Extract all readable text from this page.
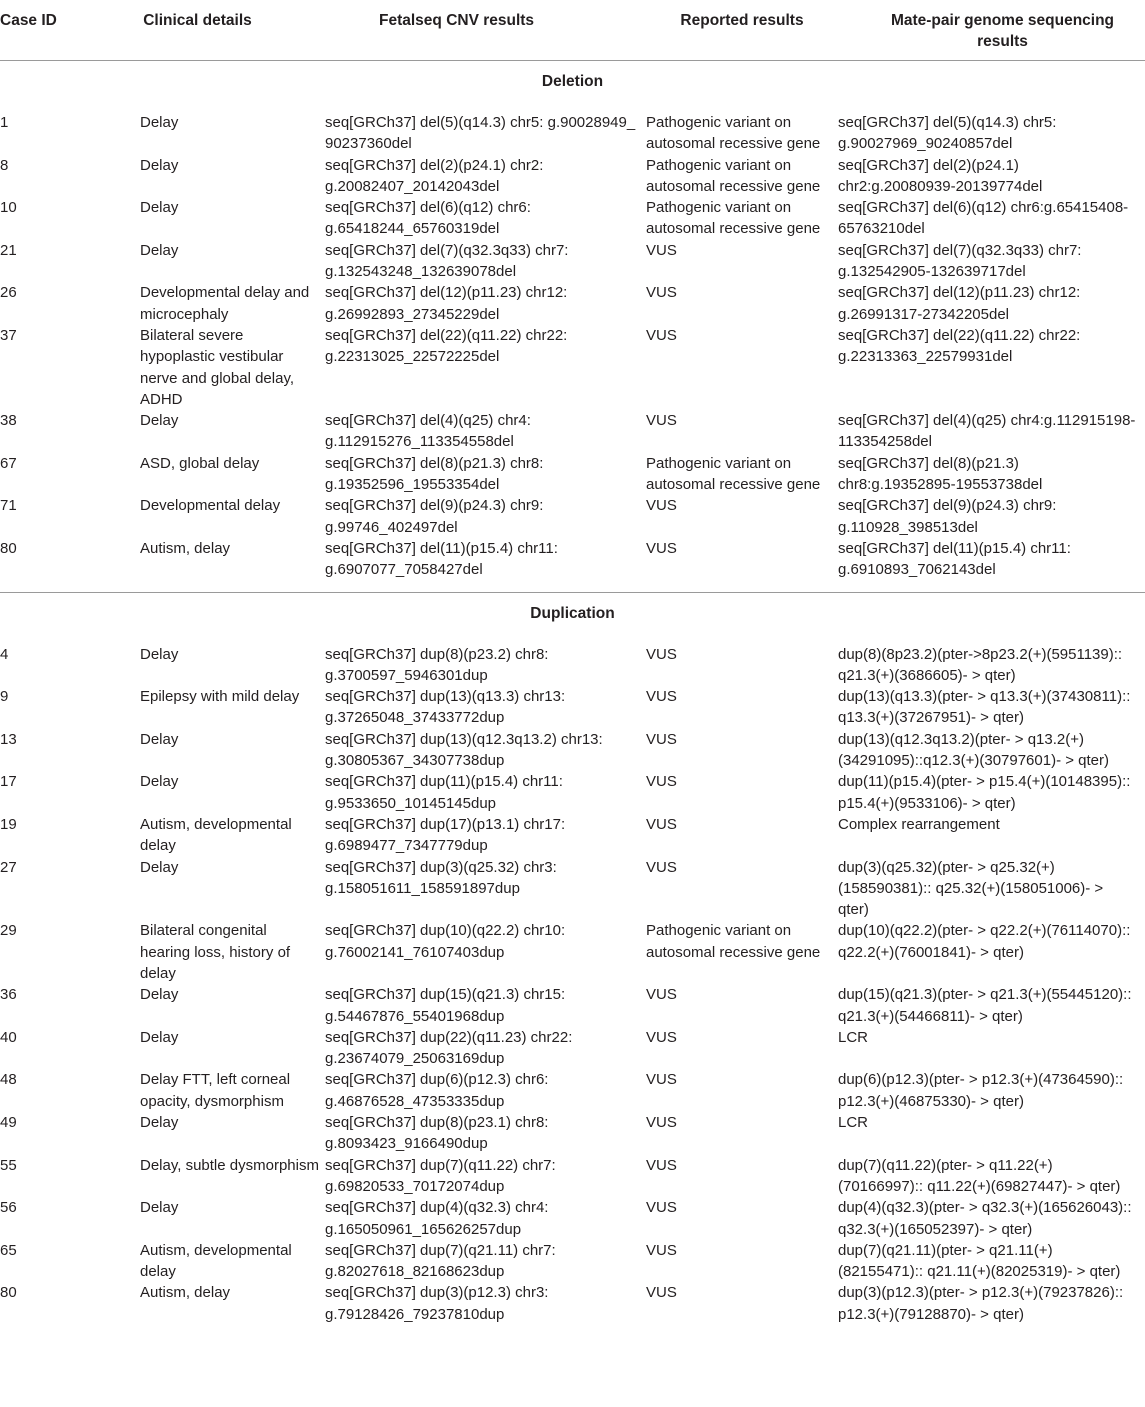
Case ID	Clinical details	Fetalseq CNV results	Reported results	Mate-pair genome sequencing results
Deletion				
1	Delay	seq[GRCh37] del(5)(q14.3) chr5: g.90028949_ 90237360del	Pathogenic variant on autosomal recessive gene	seq[GRCh37] del(5)(q14.3) chr5: g.90027969_90240857del
8	Delay	seq[GRCh37] del(2)(p24.1) chr2: g.20082407_20142043del	Pathogenic variant on autosomal recessive gene	seq[GRCh37] del(2)(p24.1) chr2:g.20080939-20139774del
10	Delay	seq[GRCh37] del(6)(q12) chr6: g.65418244_65760319del	Pathogenic variant on autosomal recessive gene	seq[GRCh37] del(6)(q12) chr6:g.65415408-65763210del
21	Delay	seq[GRCh37] del(7)(q32.3q33) chr7: g.132543248_132639078del	VUS	seq[GRCh37] del(7)(q32.3q33) chr7: g.132542905-132639717del
26	Developmental delay and microcephaly	seq[GRCh37] del(12)(p11.23) chr12: g.26992893_27345229del	VUS	seq[GRCh37] del(12)(p11.23) chr12: g.26991317-27342205del
37	Bilateral severe hypoplastic vestibular nerve and global delay, ADHD	seq[GRCh37] del(22)(q11.22) chr22: g.22313025_22572225del	VUS	seq[GRCh37] del(22)(q11.22) chr22: g.22313363_22579931del
38	Delay	seq[GRCh37] del(4)(q25) chr4: g.112915276_113354558del	VUS	seq[GRCh37] del(4)(q25) chr4:g.112915198-113354258del
67	ASD, global delay	seq[GRCh37] del(8)(p21.3) chr8: g.19352596_19553354del	Pathogenic variant on autosomal recessive gene	seq[GRCh37] del(8)(p21.3) chr8:g.19352895-19553738del
71	Developmental delay	seq[GRCh37] del(9)(p24.3) chr9: g.99746_402497del	VUS	seq[GRCh37] del(9)(p24.3) chr9: g.110928_398513del
80	Autism, delay	seq[GRCh37] del(11)(p15.4) chr11: g.6907077_7058427del	VUS	seq[GRCh37] del(11)(p15.4) chr11: g.6910893_7062143del
Duplication				
4	Delay	seq[GRCh37] dup(8)(p23.2) chr8: g.3700597_5946301dup	VUS	dup(8)(8p23.2)(pter->8p23.2(+)(5951139):: q21.3(+)(3686605)- > qter)
9	Epilepsy with mild delay	seq[GRCh37] dup(13)(q13.3) chr13: g.37265048_37433772dup	VUS	dup(13)(q13.3)(pter- > q13.3(+)(37430811):: q13.3(+)(37267951)- > qter)
13	Delay	seq[GRCh37] dup(13)(q12.3q13.2) chr13: g.30805367_34307738dup	VUS	dup(13)(q12.3q13.2)(pter- > q13.2(+)(34291095)::q12.3(+)(30797601)- > qter)
17	Delay	seq[GRCh37] dup(11)(p15.4) chr11: g.9533650_10145145dup	VUS	dup(11)(p15.4)(pter- > p15.4(+)(10148395):: p15.4(+)(9533106)- > qter)
19	Autism, developmental delay	seq[GRCh37] dup(17)(p13.1) chr17: g.6989477_7347779dup	VUS	Complex rearrangement
27	Delay	seq[GRCh37] dup(3)(q25.32) chr3: g.158051611_158591897dup	VUS	dup(3)(q25.32)(pter- > q25.32(+)(158590381):: q25.32(+)(158051006)- > qter)
29	Bilateral congenital hearing loss, history of delay	seq[GRCh37] dup(10)(q22.2) chr10: g.76002141_76107403dup	Pathogenic variant on autosomal recessive gene	dup(10)(q22.2)(pter- > q22.2(+)(76114070):: q22.2(+)(76001841)- > qter)
36	Delay	seq[GRCh37] dup(15)(q21.3) chr15: g.54467876_55401968dup	VUS	dup(15)(q21.3)(pter- > q21.3(+)(55445120):: q21.3(+)(54466811)- > qter)
40	Delay	seq[GRCh37] dup(22)(q11.23) chr22: g.23674079_25063169dup	VUS	LCR
48	Delay FTT, left corneal opacity, dysmorphism	seq[GRCh37] dup(6)(p12.3) chr6: g.46876528_47353335dup	VUS	dup(6)(p12.3)(pter- > p12.3(+)(47364590):: p12.3(+)(46875330)- > qter)
49	Delay	seq[GRCh37] dup(8)(p23.1) chr8: g.8093423_9166490dup	VUS	LCR
55	Delay, subtle dysmorphism	seq[GRCh37] dup(7)(q11.22) chr7: g.69820533_70172074dup	VUS	dup(7)(q11.22)(pter- > q11.22(+)(70166997):: q11.22(+)(69827447)- > qter)
56	Delay	seq[GRCh37] dup(4)(q32.3) chr4: g.165050961_165626257dup	VUS	dup(4)(q32.3)(pter- > q32.3(+)(165626043):: q32.3(+)(165052397)- > qter)
65	Autism, developmental delay	seq[GRCh37] dup(7)(q21.11) chr7: g.82027618_82168623dup	VUS	dup(7)(q21.11)(pter- > q21.11(+)(82155471):: q21.11(+)(82025319)- > qter)
80	Autism, delay	seq[GRCh37] dup(3)(p12.3) chr3: g.79128426_79237810dup	VUS	dup(3)(p12.3)(pter- > p12.3(+)(79237826):: p12.3(+)(79128870)- > qter)
